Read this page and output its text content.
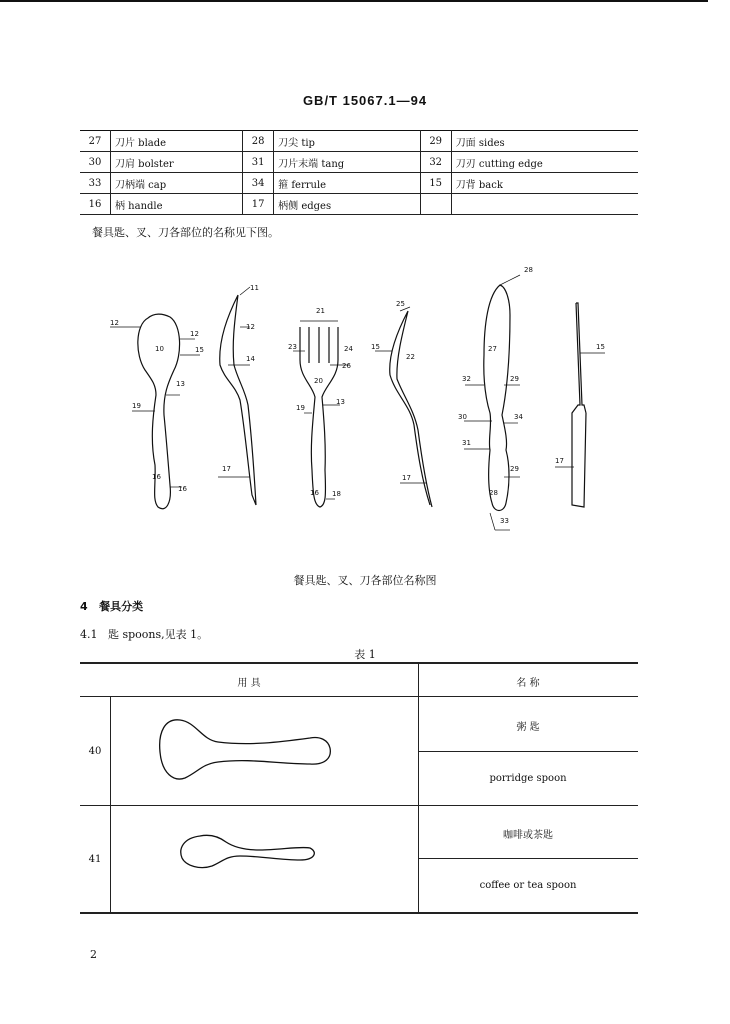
GB/T 15067.1—94
27	刀片 blade	28	刀尖 tip	29	刀面 sides
30	刀肩 bolster	31	刀片末端 tang	32	刀刃 cutting edge
33	刀柄端 cap	34	箍 ferrule	15	刀背 back
16	柄 handle	17	柄侧 edges		
餐具匙、叉、刀各部位的名称见下图。
12
10
12
15
13
19
16
16
11
12
14
17
21
23	24
26
20
19
13
16 18
25
15
22
17
28
27
32	29
30	34
31
29
17
28
33
15
餐具匙、叉、刀各部位名称图
4 餐具分类
4.1 匙 spoons,见表 1。
表 1
用 具	名 称
40
粥 匙
porridge spoon
41
咖啡或茶匙
coffee or tea spoon
2
